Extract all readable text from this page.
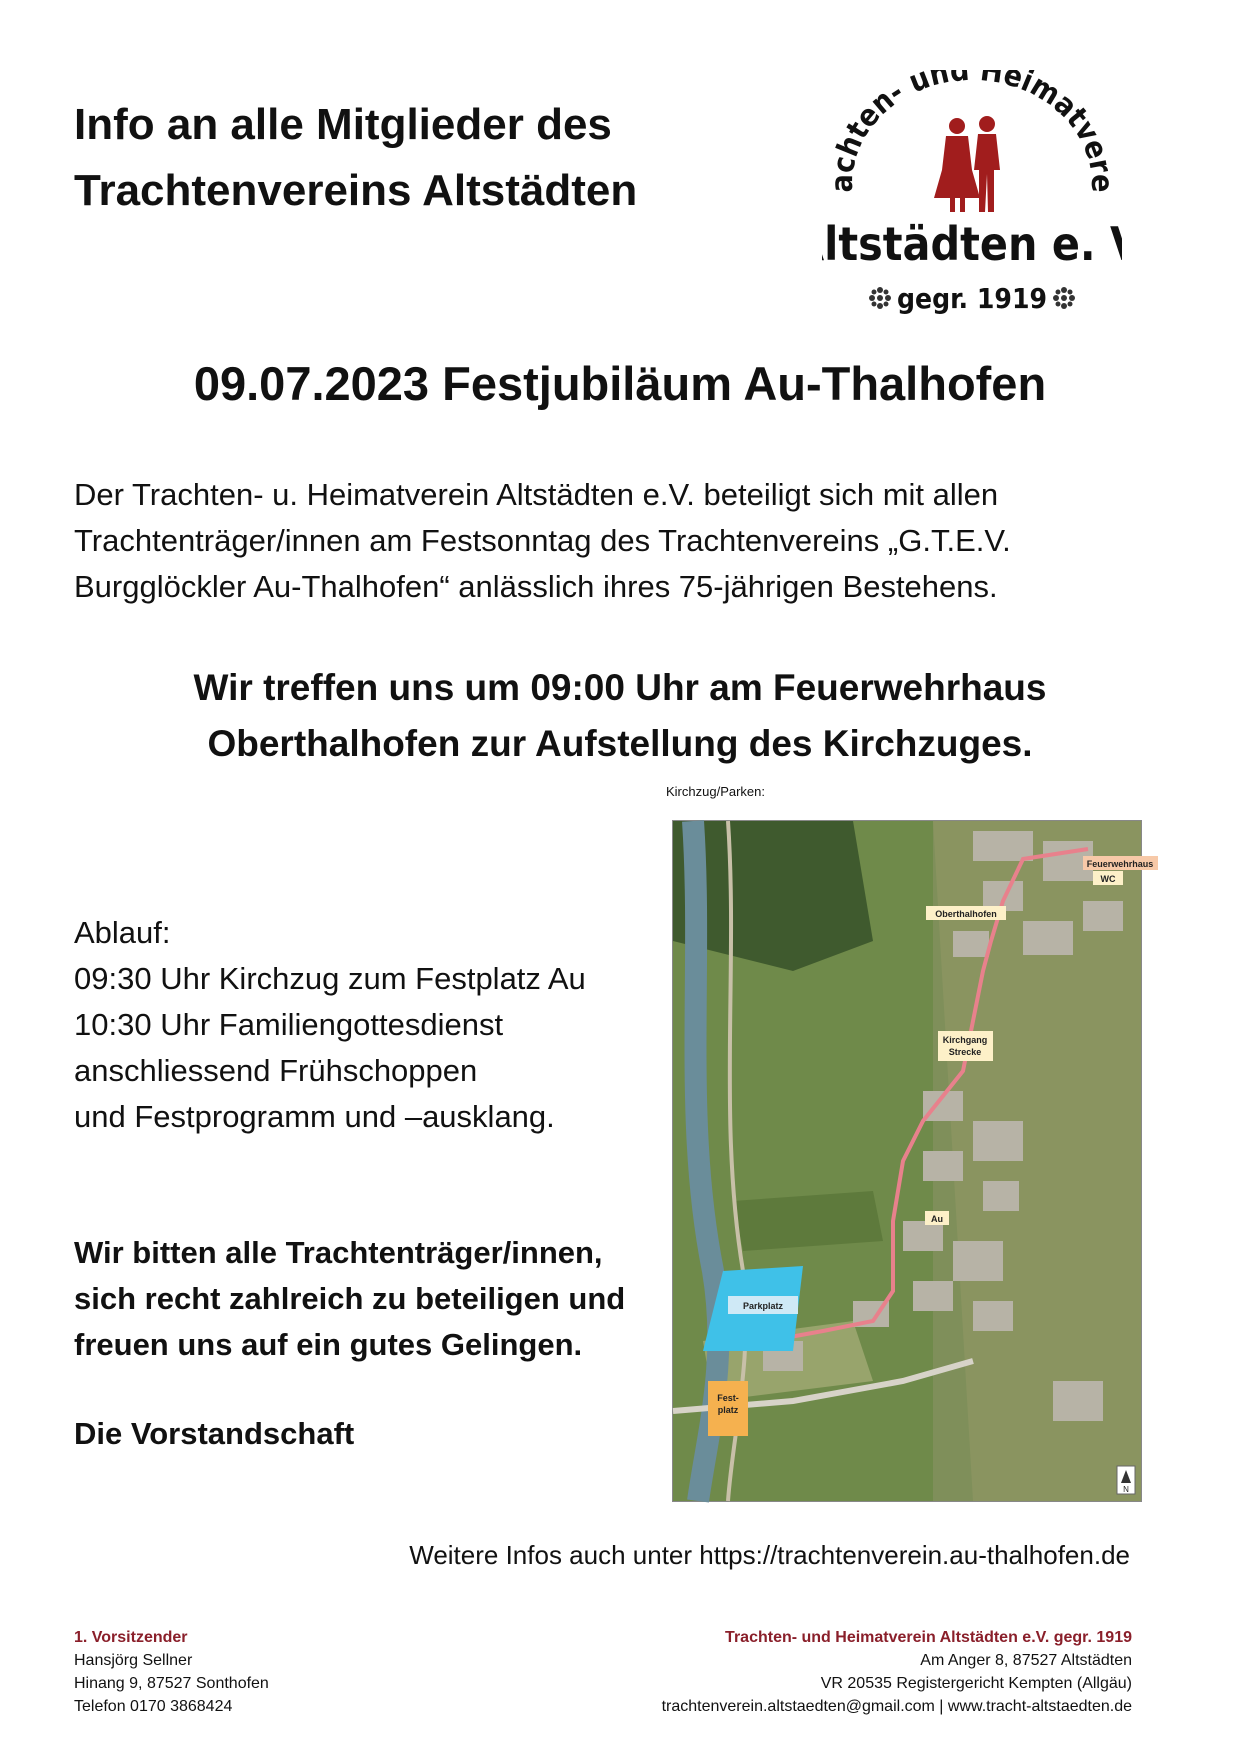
Info an alle Mitglieder des
Trachtenvereins Altstädten	achten- und Heimatvere
ltstädten e.
gegr. 1919
09.07.2023 Festjubiläum Au-Thalhofen

Der Trachten- u. Heimatverein Altstädten e.V. beteiligt sich mit allen
Trachtenträger/innen am Festsonntag des Trachtenvereins „G.T.E.V.
Burgglöckler Au-Thalhofen“ anlässlich ihres 75-jährigen Bestehens.

Wir treffen uns um 09:00 Uhr am Feuerwehrhaus
Oberthalhofen zur Aufstellung des Kirchzuges.

Kirchzug/Parken:
Parkplatz
Fest-
platz
Feuerwehrhaus
WC
Oberthalhofen
Kirchgang
Strecke
Au
N

Ablauf:
09:30 Uhr Kirchzug zum Festplatz Au
10:30 Uhr Familiengottesdienst
anschliessend Frühschoppen
und Festprogramm und –ausklang.

Wir bitten alle Trachtenträger/innen,
sich recht zahlreich zu beteiligen und
freuen uns auf ein gutes Gelingen.

Die Vorstandschaft
Weitere Infos auch unter https://trachtenverein.au-thalhofen.de
1. Vorsitzender
Hansjörg Sellner
Hinang 9, 87527 Sonthofen
Telefon 0170 3868424
Trachten- und Heimatverein Altstädten e.V. gegr. 1919
Am Anger 8, 87527 Altstädten
VR 20535 Registergericht Kempten (Allgäu)
trachtenverein.altstaedten@gmail.com | www.tracht-altstaedten.de
